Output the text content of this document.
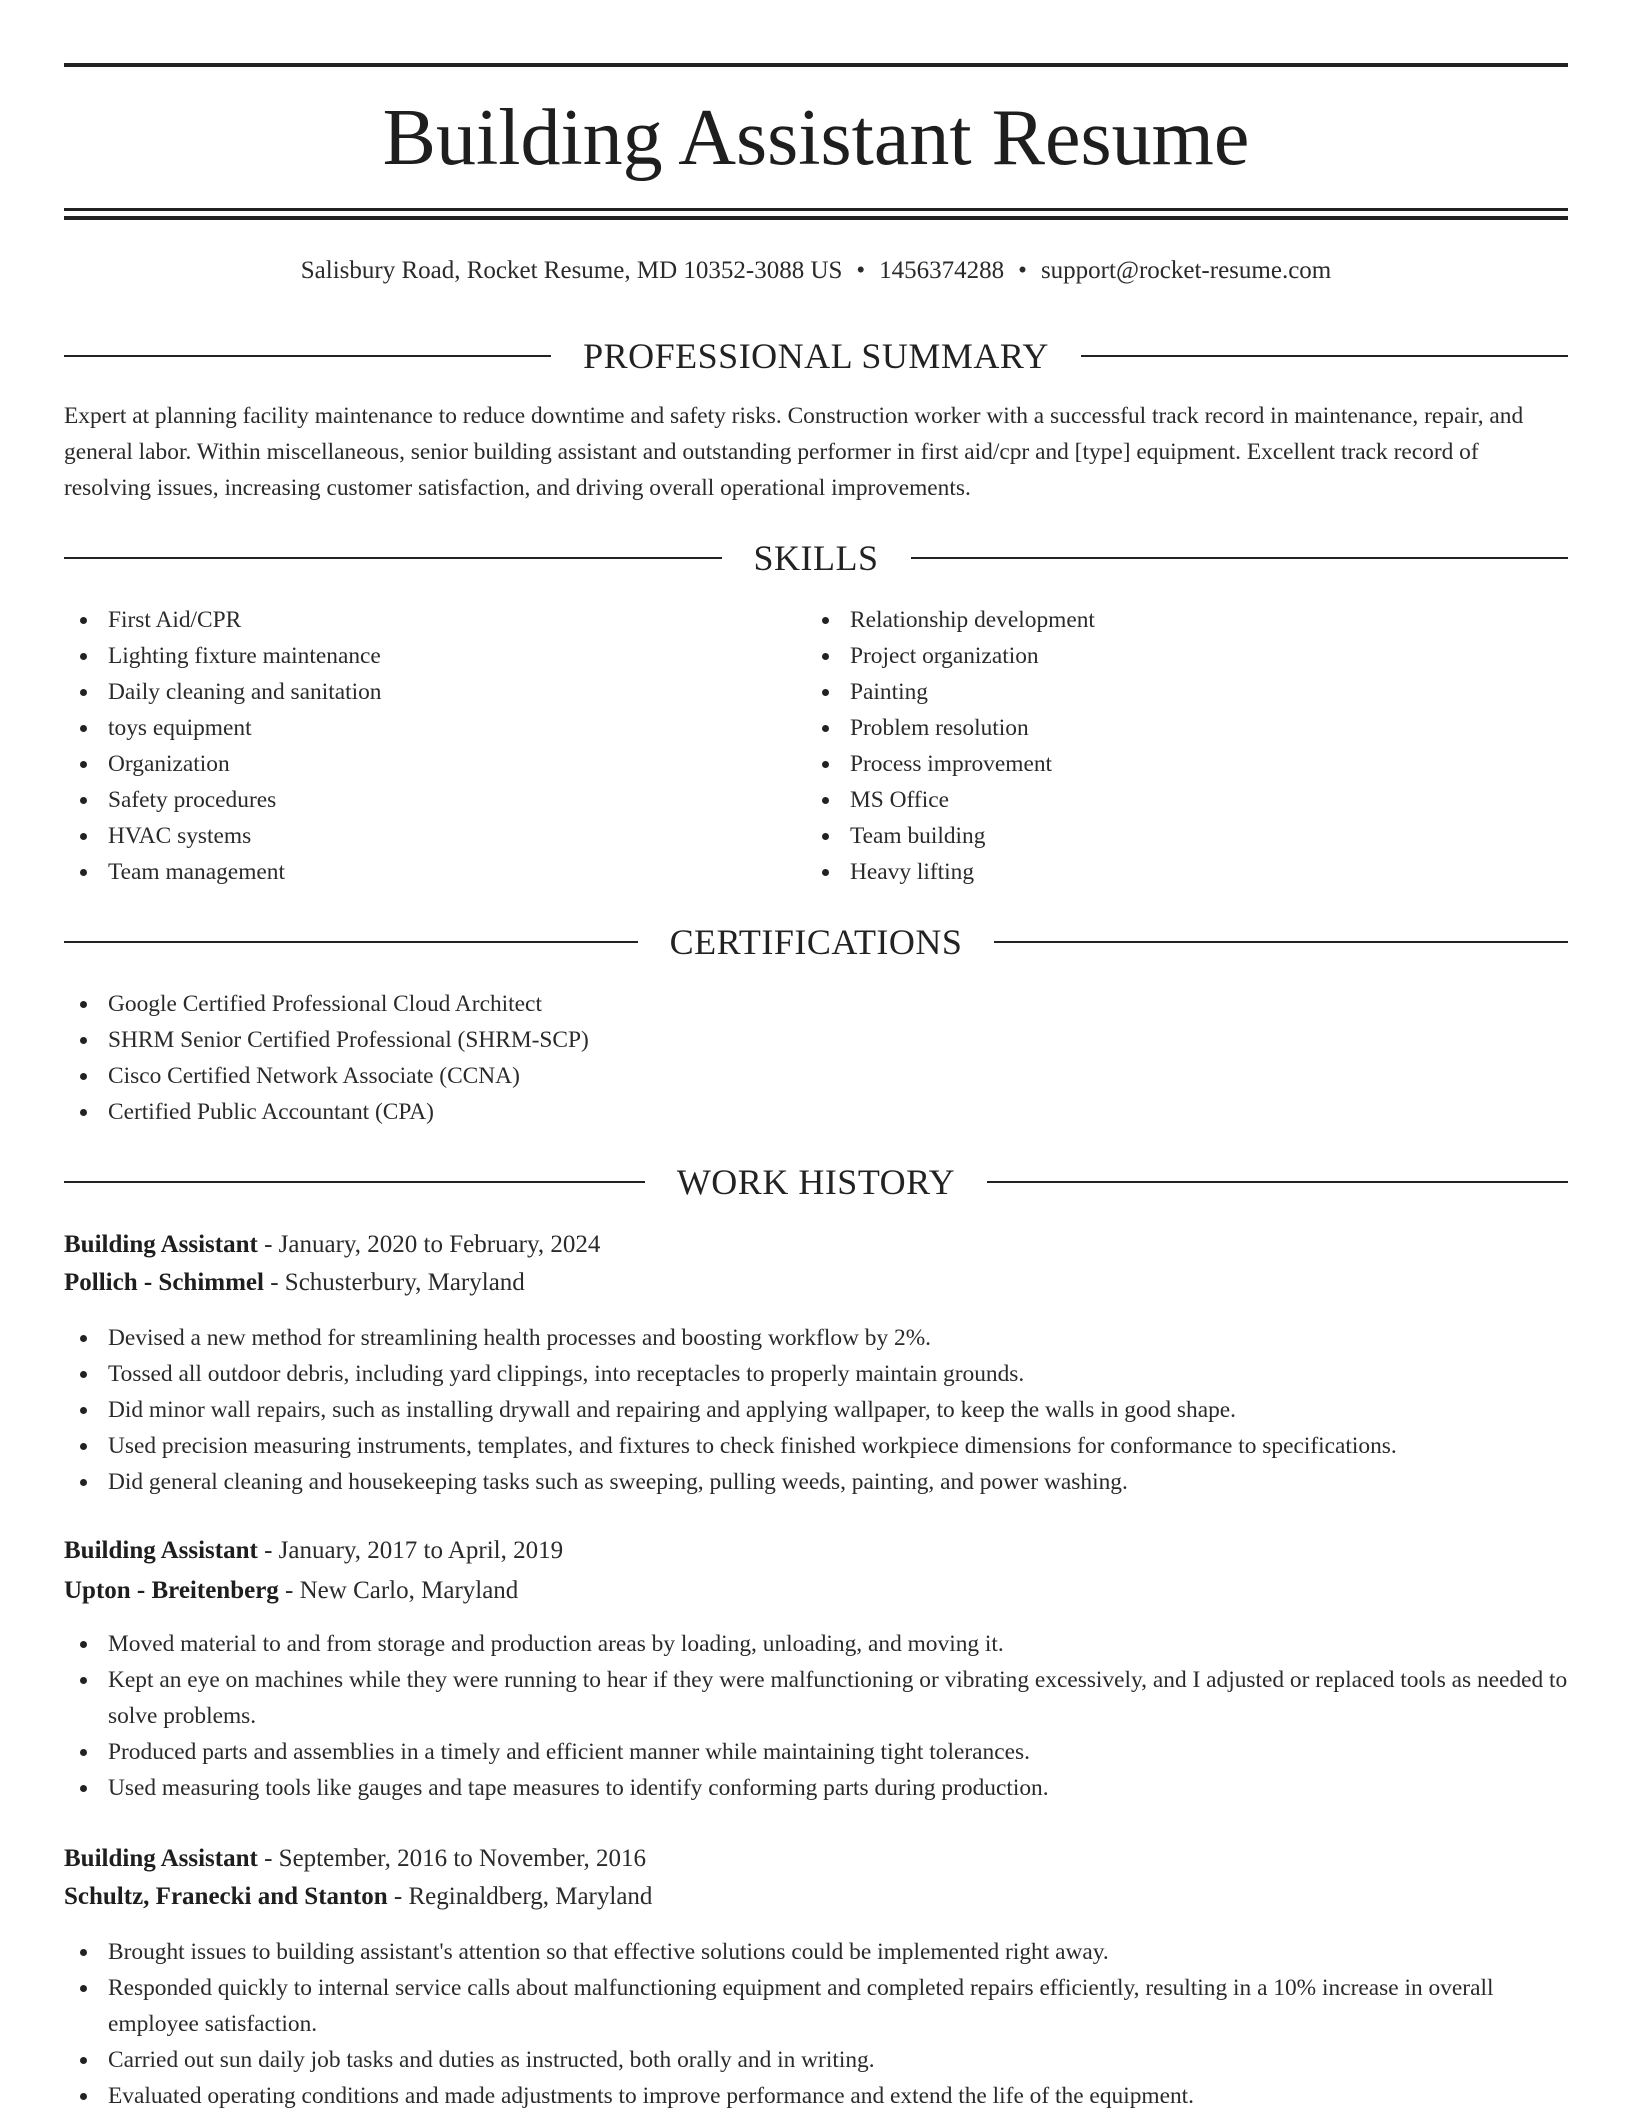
Building Assistant Resume
Salisbury Road, Rocket Resume, MD 10352-3088 US • 1456374288 • support@rocket-resume.com
PROFESSIONAL SUMMARY

Expert at planning facility maintenance to reduce downtime and safety risks. Construction worker with a successful track record in maintenance, repair, and general labor. Within miscellaneous, senior building assistant and outstanding performer in first aid/cpr and [type] equipment. Excellent track record of resolving issues, increasing customer satisfaction, and driving overall operational improvements.

SKILLS
First Aid/CPR
Lighting fixture maintenance
Daily cleaning and sanitation
toys equipment
Organization
Safety procedures
HVAC systems
Team management
Relationship development
Project organization
Painting
Problem resolution
Process improvement
MS Office
Team building
Heavy lifting
CERTIFICATIONS
Google Certified Professional Cloud Architect
SHRM Senior Certified Professional (SHRM-SCP)
Cisco Certified Network Associate (CCNA)
Certified Public Accountant (CPA)
WORK HISTORY
Building Assistant - January, 2020 to February, 2024
Pollich - Schimmel - Schusterbury, Maryland
Devised a new method for streamlining health processes and boosting workflow by 2%.
Tossed all outdoor debris, including yard clippings, into receptacles to properly maintain grounds.
Did minor wall repairs, such as installing drywall and repairing and applying wallpaper, to keep the walls in good shape.
Used precision measuring instruments, templates, and fixtures to check finished workpiece dimensions for conformance to specifications.
Did general cleaning and housekeeping tasks such as sweeping, pulling weeds, painting, and power washing.
Building Assistant - January, 2017 to April, 2019
Upton - Breitenberg - New Carlo, Maryland
Moved material to and from storage and production areas by loading, unloading, and moving it.
Kept an eye on machines while they were running to hear if they were malfunctioning or vibrating excessively, and I adjusted or replaced tools as needed to solve problems.
Produced parts and assemblies in a timely and efficient manner while maintaining tight tolerances.
Used measuring tools like gauges and tape measures to identify conforming parts during production.
Building Assistant - September, 2016 to November, 2016
Schultz, Franecki and Stanton - Reginaldberg, Maryland
Brought issues to building assistant's attention so that effective solutions could be implemented right away.
Responded quickly to internal service calls about malfunctioning equipment and completed repairs efficiently, resulting in a 10% increase in overall employee satisfaction.
Carried out sun daily job tasks and duties as instructed, both orally and in writing.
Evaluated operating conditions and made adjustments to improve performance and extend the life of the equipment.
